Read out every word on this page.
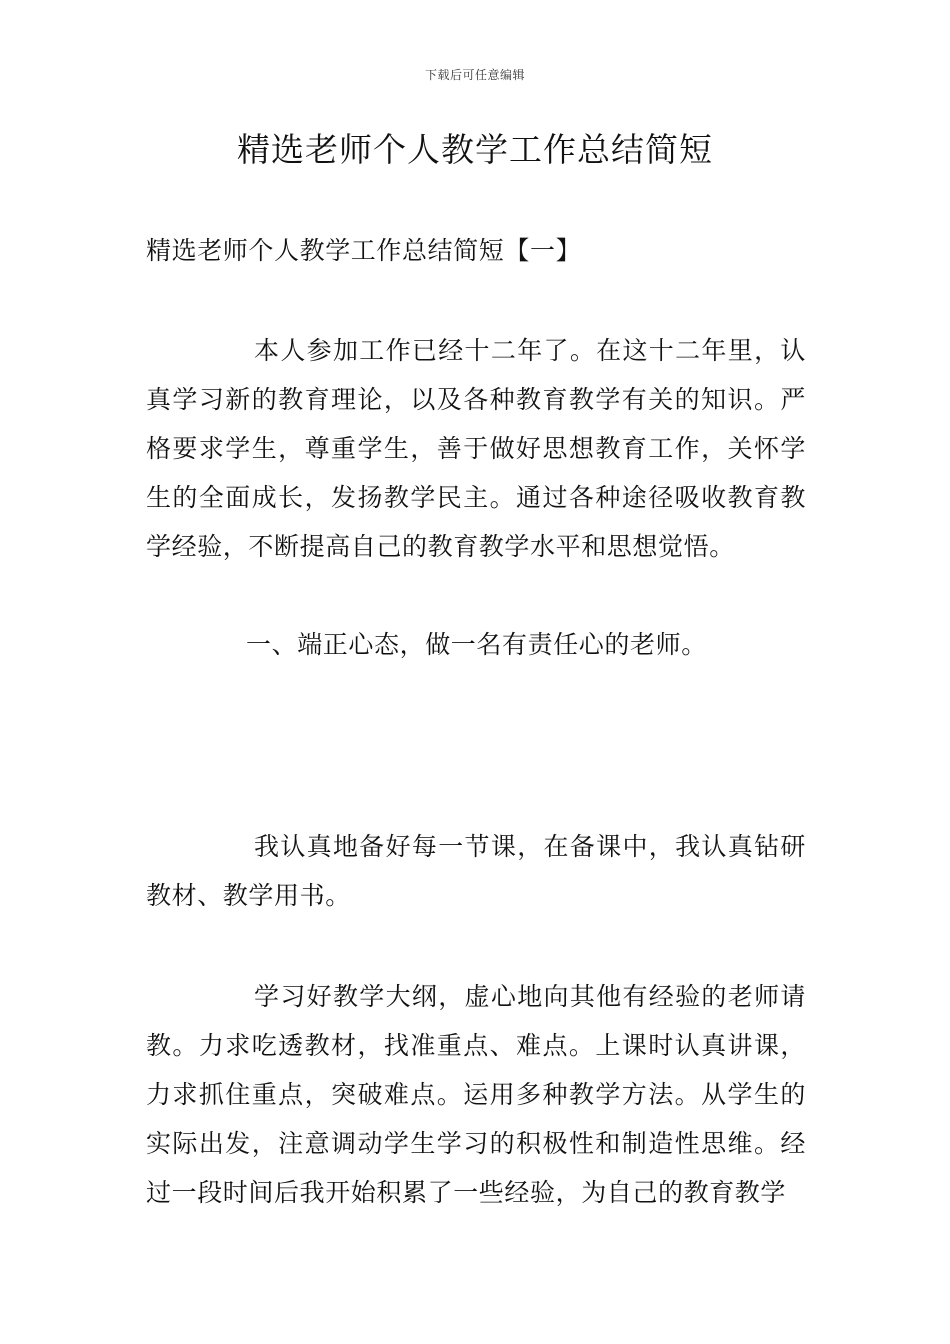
下载后可任意编辑
精选老师个人教学工作总结简短

精选老师个人教学工作总结简短【一】

本人参加工作已经十二年了。在这十二年里，认真学习新的教育理论，以及各种教育教学有关的知识。严格要求学生，尊重学生，善于做好思想教育工作，关怀学生的全面成长，发扬教学民主。通过各种途径吸收教育教学经验，不断提高自己的教育教学水平和思想觉悟。

一、端正心态，做一名有责任心的老师。

我认真地备好每一节课，在备课中，我认真钻研教材、教学用书。

学习好教学大纲，虚心地向其他有经验的老师请教。力求吃透教材，找准重点、难点。上课时认真讲课，力求抓住重点，突破难点。运用多种教学方法。从学生的实际出发，注意调动学生学习的积极性和制造性思维。经过一段时间后我开始积累了一些经验，为自己的教育教学
